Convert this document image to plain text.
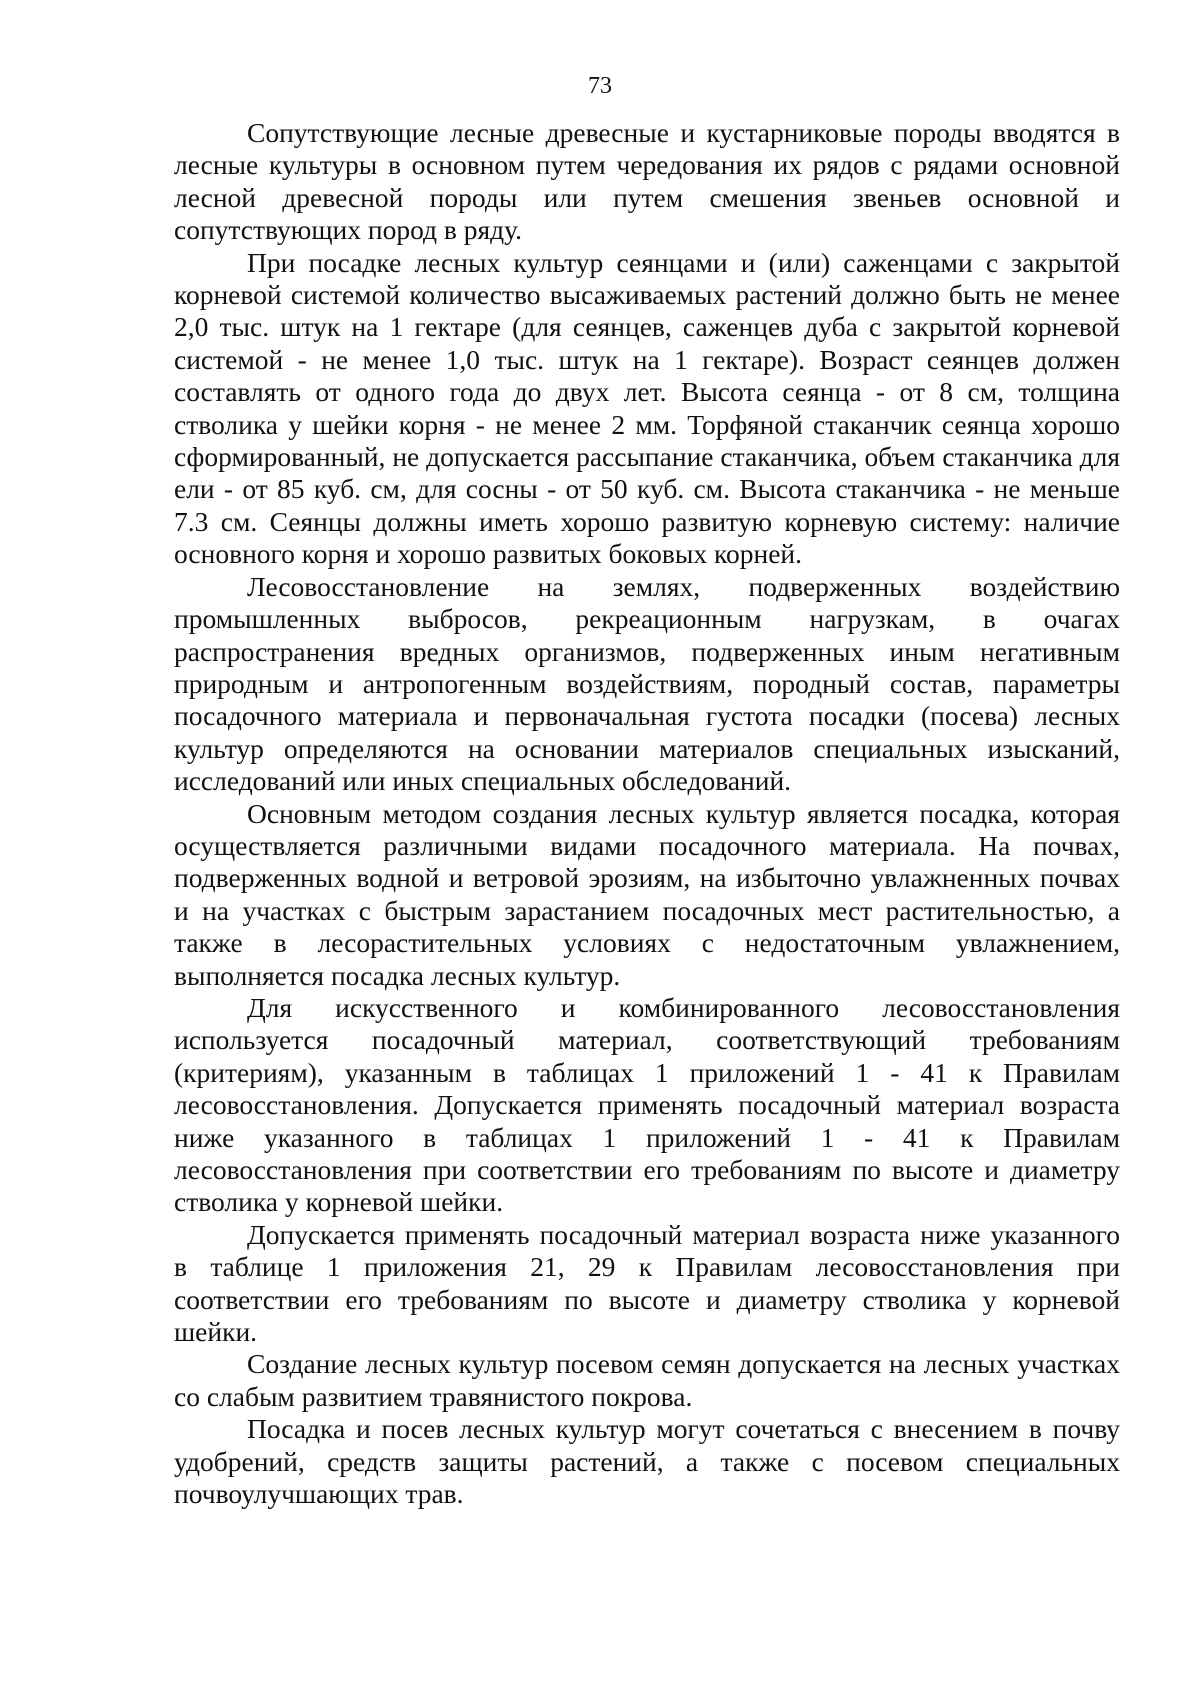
73

Сопутствующие лесные древесные и кустарниковые породы вводятся в лесные культуры в основном путем чередования их рядов с рядами основной лесной древесной породы или путем смешения звеньев основной и сопутствующих пород в ряду.

При посадке лесных культур сеянцами и (или) саженцами с закрытой корневой системой количество высаживаемых растений должно быть не менее 2,0 тыс. штук на 1 гектаре (для сеянцев, саженцев дуба с закрытой корневой системой - не менее 1,0 тыс. штук на 1 гектаре). Возраст сеянцев должен составлять от одного года до двух лет. Высота сеянца - от 8 см, толщина стволика у шейки корня - не менее 2 мм. Торфяной стаканчик сеянца хорошо сформированный, не допускается рассыпание стаканчика, объем стаканчика для ели - от 85 куб. см, для сосны - от 50 куб. см. Высота стаканчика - не меньше 7.3 см. Сеянцы должны иметь хорошо развитую корневую систему: наличие основного корня и хорошо развитых боковых корней.

Лесовосстановление на землях, подверженных воздействию промышленных выбросов, рекреационным нагрузкам, в очагах распространения вредных организмов, подверженных иным негативным природным и антропогенным воздействиям, породный состав, параметры посадочного материала и первоначальная густота посадки (посева) лесных культур определяются на основании материалов специальных изысканий, исследований или иных специальных обследований.

Основным методом создания лесных культур является посадка, которая осуществляется различными видами посадочного материала. На почвах, подверженных водной и ветровой эрозиям, на избыточно увлажненных почвах и на участках с быстрым зарастанием посадочных мест растительностью, а также в лесорастительных условиях с недостаточным увлажнением, выполняется посадка лесных культур.

Для искусственного и комбинированного лесовосстановления используется посадочный материал, соответствующий требованиям (критериям), указанным в таблицах 1 приложений 1 - 41 к Правилам лесовосстановления. Допускается применять посадочный материал возраста ниже указанного в таблицах 1 приложений 1 - 41 к Правилам лесовосстановления при соответствии его требованиям по высоте и диаметру стволика у корневой шейки.

Допускается применять посадочный материал возраста ниже указанного в таблице 1 приложения 21, 29 к Правилам лесовосстановления при соответствии его требованиям по высоте и диаметру стволика у корневой шейки.

Создание лесных культур посевом семян допускается на лесных участках со слабым развитием травянистого покрова.

Посадка и посев лесных культур могут сочетаться с внесением в почву удобрений, средств защиты растений, а также с посевом специальных почвоулучшающих трав.
